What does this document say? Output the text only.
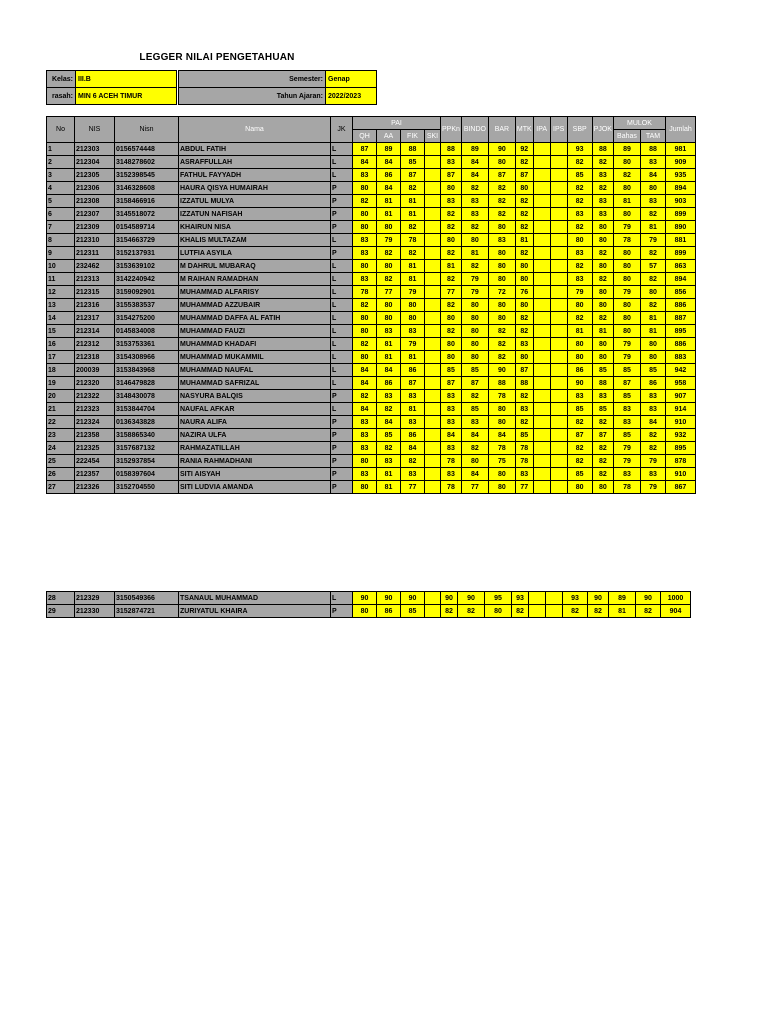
LEGGER NILAI PENGETAHUAN
Kelas:	III.B
rasah:	MIN 6 ACEH TIMUR
Semester:	Genap
Tahun Ajaran:	2022/2023
No	NIS	Nisn	Nama	JK	PAI				PPKn	BINDO	BAR	MTK	IPA	IPS	SBP	PJOK	MULOK		Jumlah
					QH	AA	FIK	SKI									Bahas	TAM	
1	212303	0156574448	ABDUL FATIH	L	87	89	88		88	89	90	92			93	88	89	88	981
2	212304	3148278602	ASRAFFULLAH	L	84	84	85		83	84	80	82			82	82	80	83	909
3	212305	3152398545	FATHUL FAYYADH	L	83	86	87		87	84	87	87			85	83	82	84	935
4	212306	3146328608	HAURA QISYA HUMAIRAH	P	80	84	82		80	82	82	80			82	82	80	80	894
5	212308	3158466916	IZZATUL MULYA	P	82	81	81		83	83	82	82			82	83	81	83	903
6	212307	3145518072	IZZATUN NAFISAH	P	80	81	81		82	83	82	82			83	83	80	82	899
7	212309	0154589714	KHAIRUN NISA	P	80	80	82		82	82	80	82			82	80	79	81	890
8	212310	3154663729	KHALIS MULTAZAM	L	83	79	78		80	80	83	81			80	80	78	79	881
9	212311	3152137931	LUTFIA ASYILA	P	83	82	82		82	81	80	82			83	82	80	82	899
10	232462	3153639102	M DAHRUL MUBARAQ	L	80	80	81		81	82	80	80			82	80	80	57	863
11	212313	3142240942	M RAIHAN RAMADHAN	L	83	82	81		82	79	80	80			83	82	80	82	894
12	212315	3159092901	MUHAMMAD ALFARISY	L	78	77	79		77	79	72	76			79	80	79	80	856
13	212316	3155383537	MUHAMMAD AZZUBAIR	L	82	80	80		82	80	80	80			80	80	80	82	886
14	212317	3154275200	MUHAMMAD DAFFA AL FATIH	L	80	80	80		80	80	80	82			82	82	80	81	887
15	212314	0145834008	MUHAMMAD FAUZI	L	80	83	83		82	80	82	82			81	81	80	81	895
16	212312	3153753361	MUHAMMAD KHADAFI	L	82	81	79		80	80	82	83			80	80	79	80	886
17	212318	3154308966	MUHAMMAD MUKAMMIL	L	80	81	81		80	80	82	80			80	80	79	80	883
18	200039	3153843968	MUHAMMAD NAUFAL	L	84	84	86		85	85	90	87			86	85	85	85	942
19	212320	3146479828	MUHAMMAD SAFRIZAL	L	84	86	87		87	87	88	88			90	88	87	86	958
20	212322	3148430078	NASYURA BALQIS	P	82	83	83		83	82	78	82			83	83	85	83	907
21	212323	3153844704	NAUFAL AFKAR	L	84	82	81		83	85	80	83			85	85	83	83	914
22	212324	0136343828	NAURA ALIFA	P	83	84	83		83	83	80	82			82	82	83	84	910
23	212358	3158865340	NAZIRA ULFA	P	83	85	86		84	84	84	85			87	87	85	82	932
24	212325	3157687132	RAHMAZATILLAH	P	83	82	84		83	82	78	78			82	82	79	82	895
25	222454	3152937854	RANIA RAHMADHANI	P	80	83	82		78	80	75	78			82	82	79	79	878
26	212357	0158397604	SITI AISYAH	P	83	81	83		83	84	80	83			85	82	83	83	910
27	212326	3152704550	SITI LUDVIA AMANDA	P	80	81	77		78	77	80	77			80	80	78	79	867
28	212329	3150549366	TSANAUL MUHAMMAD	L	90	90	90		90	90	95	93			93	90	89	90	1000
29	212330	3152874721	ZURIYATUL KHAIRA	P	80	86	85		82	82	80	82			82	82	81	82	904
